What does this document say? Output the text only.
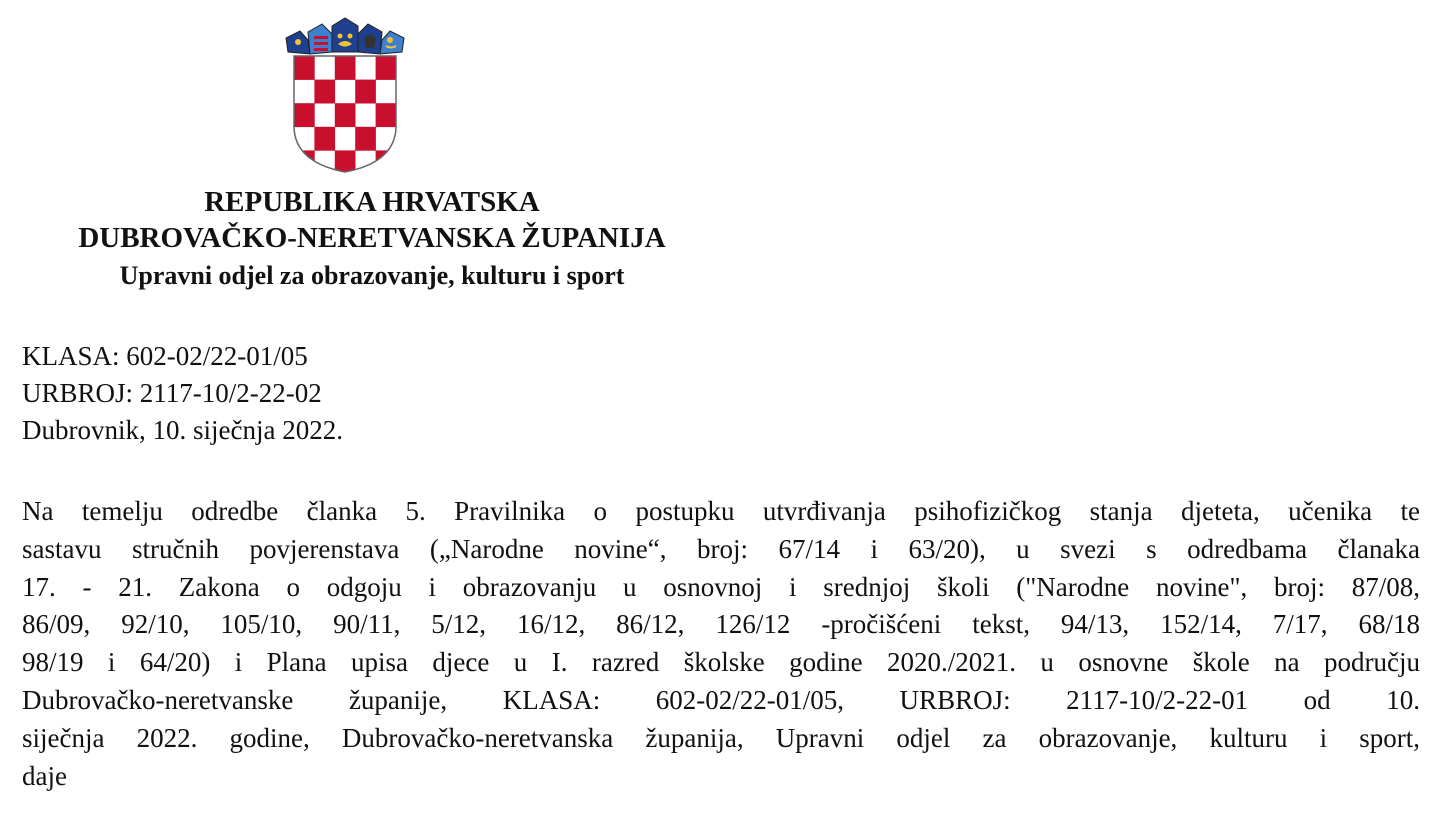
REPUBLIKA HRVATSKA
DUBROVAČKO-NERETVANSKA ŽUPANIJA
Upravni odjel za obrazovanje, kulturu i sport
KLASA: 602-02/22-01/05
URBROJ: 2117-10/2-22-02
Dubrovnik, 10. siječnja 2022.
Na temelju odredbe članka 5. Pravilnika o postupku utvrđivanja psihofizičkog stanja djeteta, učenika te
sastavu stručnih povjerenstava („Narodne novine“, broj: 67/14 i 63/20), u svezi s odredbama članaka
17. - 21. Zakona o odgoju i obrazovanju u osnovnoj i srednjoj školi ("Narodne novine", broj: 87/08,
86/09, 92/10, 105/10, 90/11, 5/12, 16/12, 86/12, 126/12 -pročišćeni tekst, 94/13, 152/14, 7/17, 68/18
98/19 i 64/20) i Plana upisa djece u I. razred školske godine 2020./2021. u osnovne škole na području
Dubrovačko-neretvanske županije, KLASA: 602-02/22-01/05, URBROJ: 2117-10/2-22-01 od 10.
siječnja 2022. godine, Dubrovačko-neretvanska županija, Upravni odjel za obrazovanje, kulturu i sport,
daje
